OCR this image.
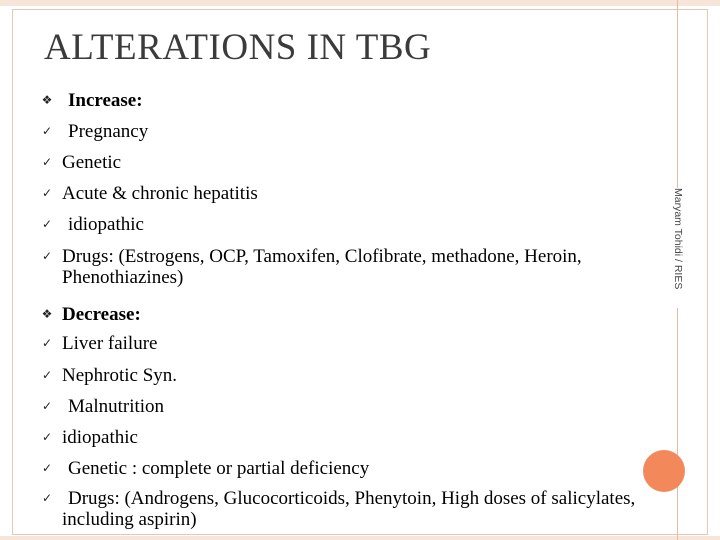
ALTERATIONS IN TBG
❖ Increase:
✓ Pregnancy
✓ Genetic
✓ Acute & chronic hepatitis
✓ idiopathic
✓ Drugs: (Estrogens, OCP, Tamoxifen, Clofibrate, methadone, Heroin, Phenothiazines)
❖ Decrease:
✓ Liver failure
✓ Nephrotic Syn.
✓ Malnutrition
✓ idiopathic
✓ Genetic : complete or partial deficiency
✓ Drugs: (Androgens, Glucocorticoids, Phenytoin, High doses of salicylates, including aspirin)
Maryam Tohidi / RIES
